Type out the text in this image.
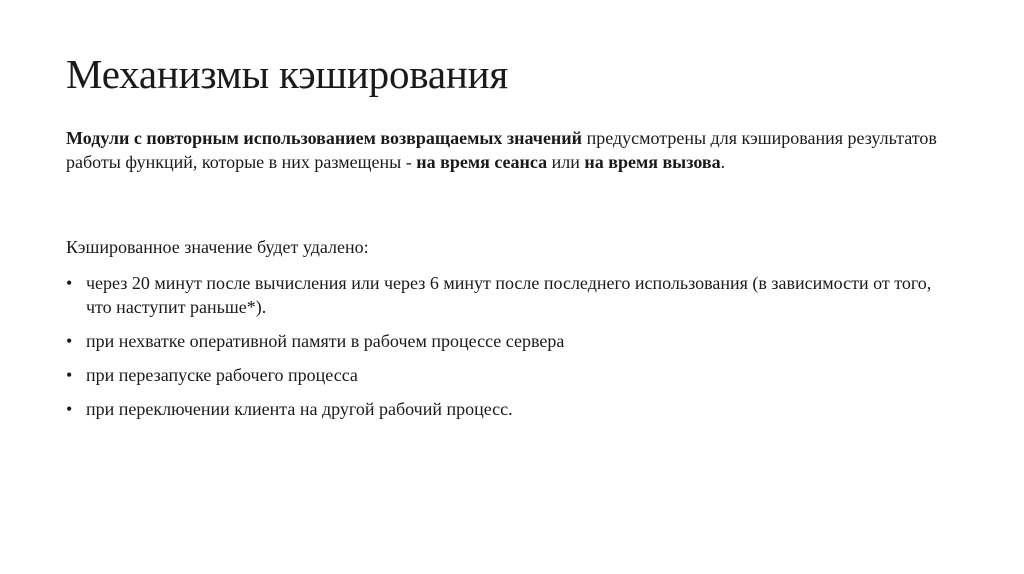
Механизмы кэширования

Модули с повторным использованием возвращаемых значений предусмотрены для кэширования результатов работы функций, которые в них размещены - на время сеанса или на время вызова.

Кэшированное значение будет удалено:

• через 20 минут после вычисления или через 6 минут после последнего использования (в зависимости от того, что наступит раньше*).
• при нехватке оперативной памяти в рабочем процессе сервера
• при перезапуске рабочего процесса
• при переключении клиента на другой рабочий процесс.
